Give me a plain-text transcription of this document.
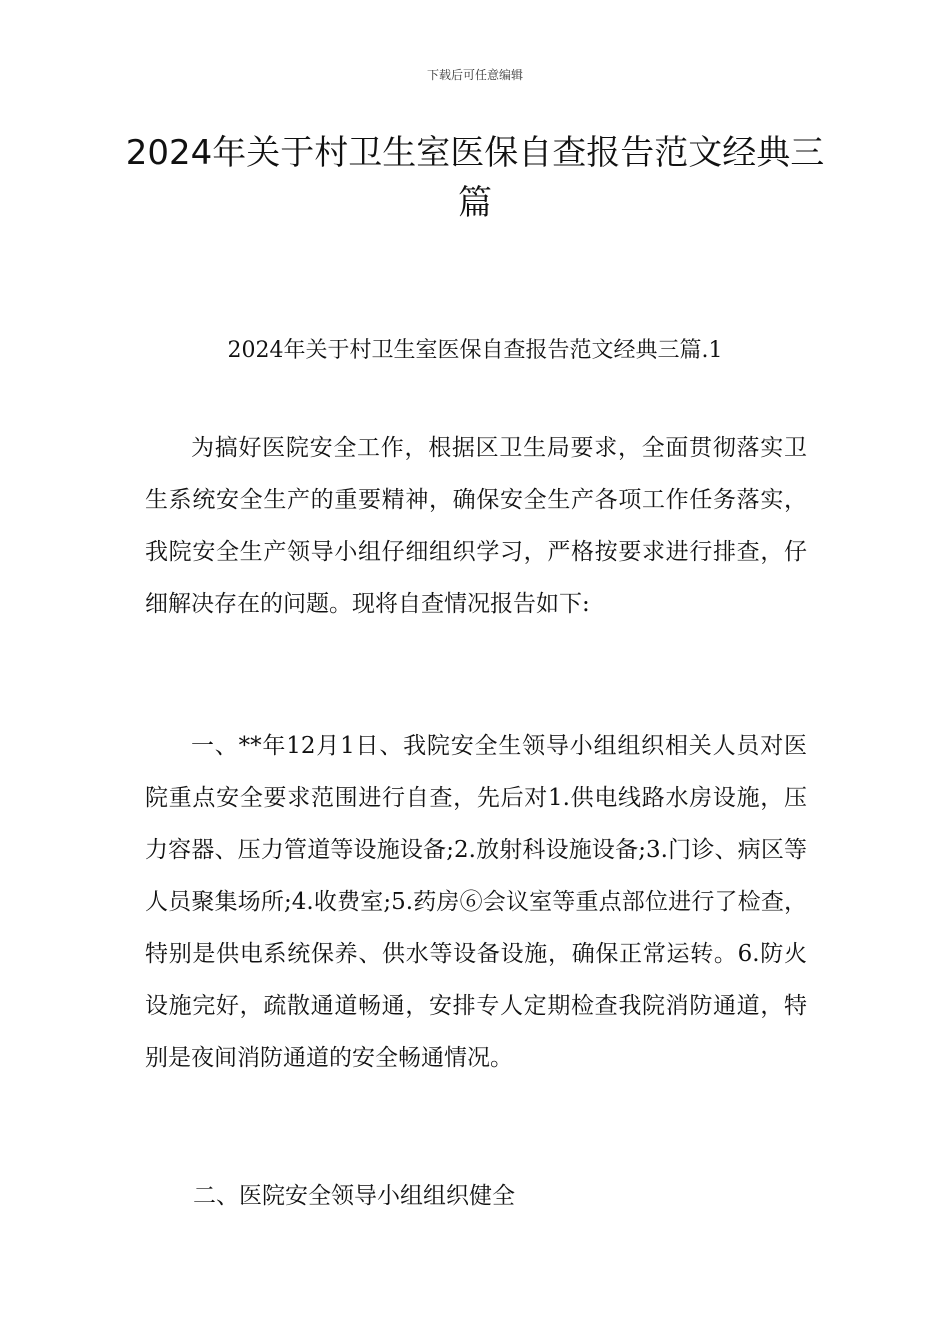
下载后可任意编辑
2024年关于村卫生室医保自查报告范文经典三篇
2024年关于村卫生室医保自查报告范文经典三篇.1

为搞好医院安全工作，根据区卫生局要求，全面贯彻落实卫生系统安全生产的重要精神，确保安全生产各项工作任务落实，我院安全生产领导小组仔细组织学习，严格按要求进行排查，仔细解决存在的问题。现将自查情况报告如下:

一、**年12月1日、我院安全生领导小组组织相关人员对医院重点安全要求范围进行自查，先后对1.供电线路水房设施，压力容器、压力管道等设施设备;2.放射科设施设备;3.门诊、病区等人员聚集场所;4.收费室;5.药房⑥会议室等重点部位进行了检查，特别是供电系统保养、供水等设备设施，确保正常运转。6.防火设施完好，疏散通道畅通，安排专人定期检查我院消防通道，特别是夜间消防通道的安全畅通情况。

二、医院安全领导小组组织健全
